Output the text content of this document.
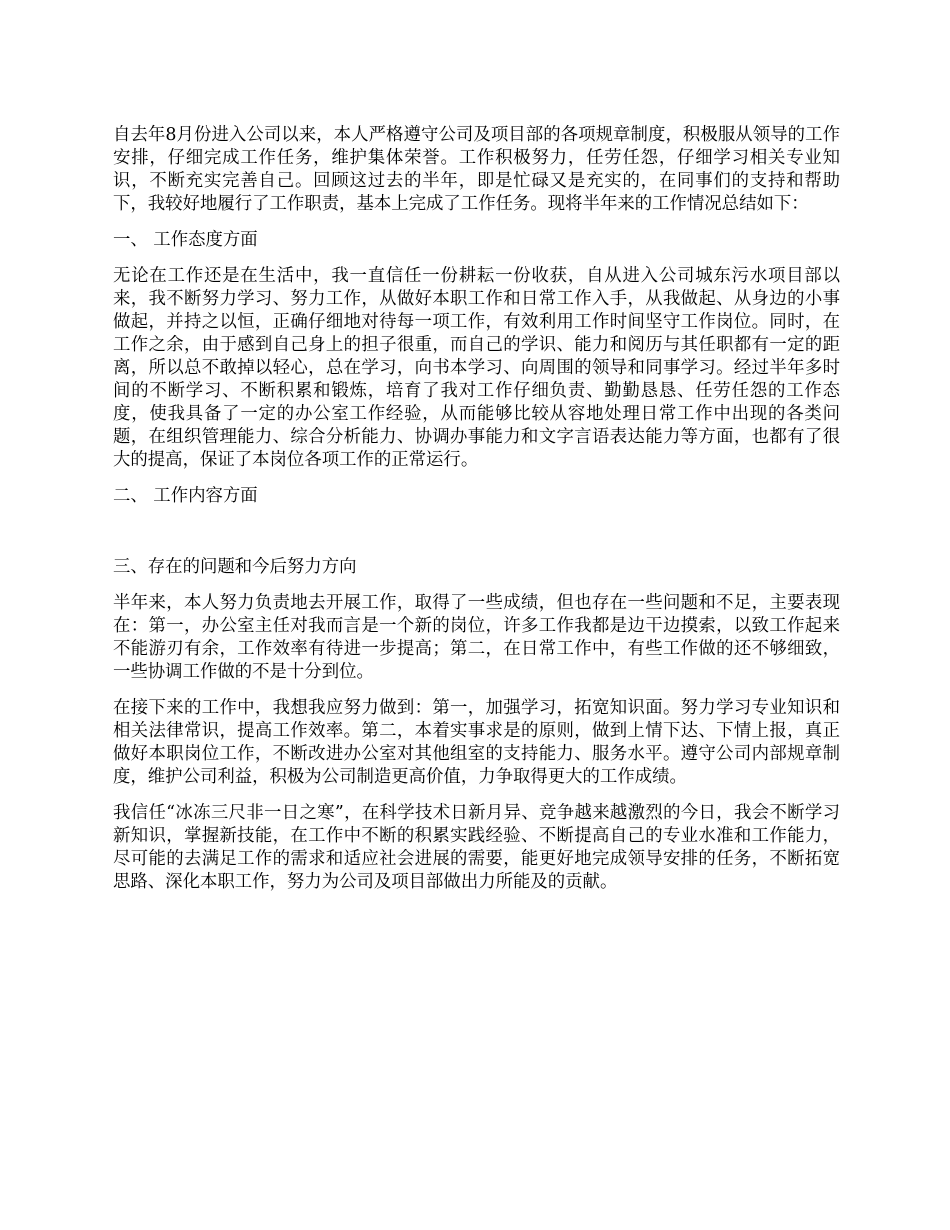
自去年8月份进入公司以来，本人严格遵守公司及项目部的各项规章制度，积极服从领导的工作安排，仔细完成工作任务，维护集体荣誉。工作积极努力，任劳任怨，仔细学习相关专业知识，不断充实完善自己。回顾这过去的半年，即是忙碌又是充实的，在同事们的支持和帮助下，我较好地履行了工作职责，基本上完成了工作任务。现将半年来的工作情况总结如下：

一、 工作态度方面

无论在工作还是在生活中，我一直信任一份耕耘一份收获，自从进入公司城东污水项目部以来，我不断努力学习、努力工作，从做好本职工作和日常工作入手，从我做起、从身边的小事做起，并持之以恒，正确仔细地对待每一项工作，有效利用工作时间坚守工作岗位。同时，在工作之余，由于感到自己身上的担子很重，而自己的学识、能力和阅历与其任职都有一定的距离，所以总不敢掉以轻心，总在学习，向书本学习、向周围的领导和同事学习。经过半年多时间的不断学习、不断积累和锻炼，培育了我对工作仔细负责、勤勤恳恳、任劳任怨的工作态度，使我具备了一定的办公室工作经验，从而能够比较从容地处理日常工作中出现的各类问题，在组织管理能力、综合分析能力、协调办事能力和文字言语表达能力等方面，也都有了很大的提高，保证了本岗位各项工作的正常运行。

二、 工作内容方面

三、存在的问题和今后努力方向

半年来，本人努力负责地去开展工作，取得了一些成绩，但也存在一些问题和不足，主要表现在：第一，办公室主任对我而言是一个新的岗位，许多工作我都是边干边摸索，以致工作起来不能游刃有余，工作效率有待进一步提高；第二，在日常工作中，有些工作做的还不够细致，一些协调工作做的不是十分到位。

在接下来的工作中，我想我应努力做到：第一，加强学习，拓宽知识面。努力学习专业知识和相关法律常识，提高工作效率。第二，本着实事求是的原则，做到上情下达、下情上报，真正做好本职岗位工作，不断改进办公室对其他组室的支持能力、服务水平。遵守公司内部规章制度，维护公司利益，积极为公司制造更高价值，力争取得更大的工作成绩。

我信任“冰冻三尺非一日之寒”，在科学技术日新月异、竞争越来越激烈的今日，我会不断学习新知识，掌握新技能，在工作中不断的积累实践经验、不断提高自己的专业水准和工作能力，尽可能的去满足工作的需求和适应社会进展的需要，能更好地完成领导安排的任务，不断拓宽思路、深化本职工作，努力为公司及项目部做出力所能及的贡献。
